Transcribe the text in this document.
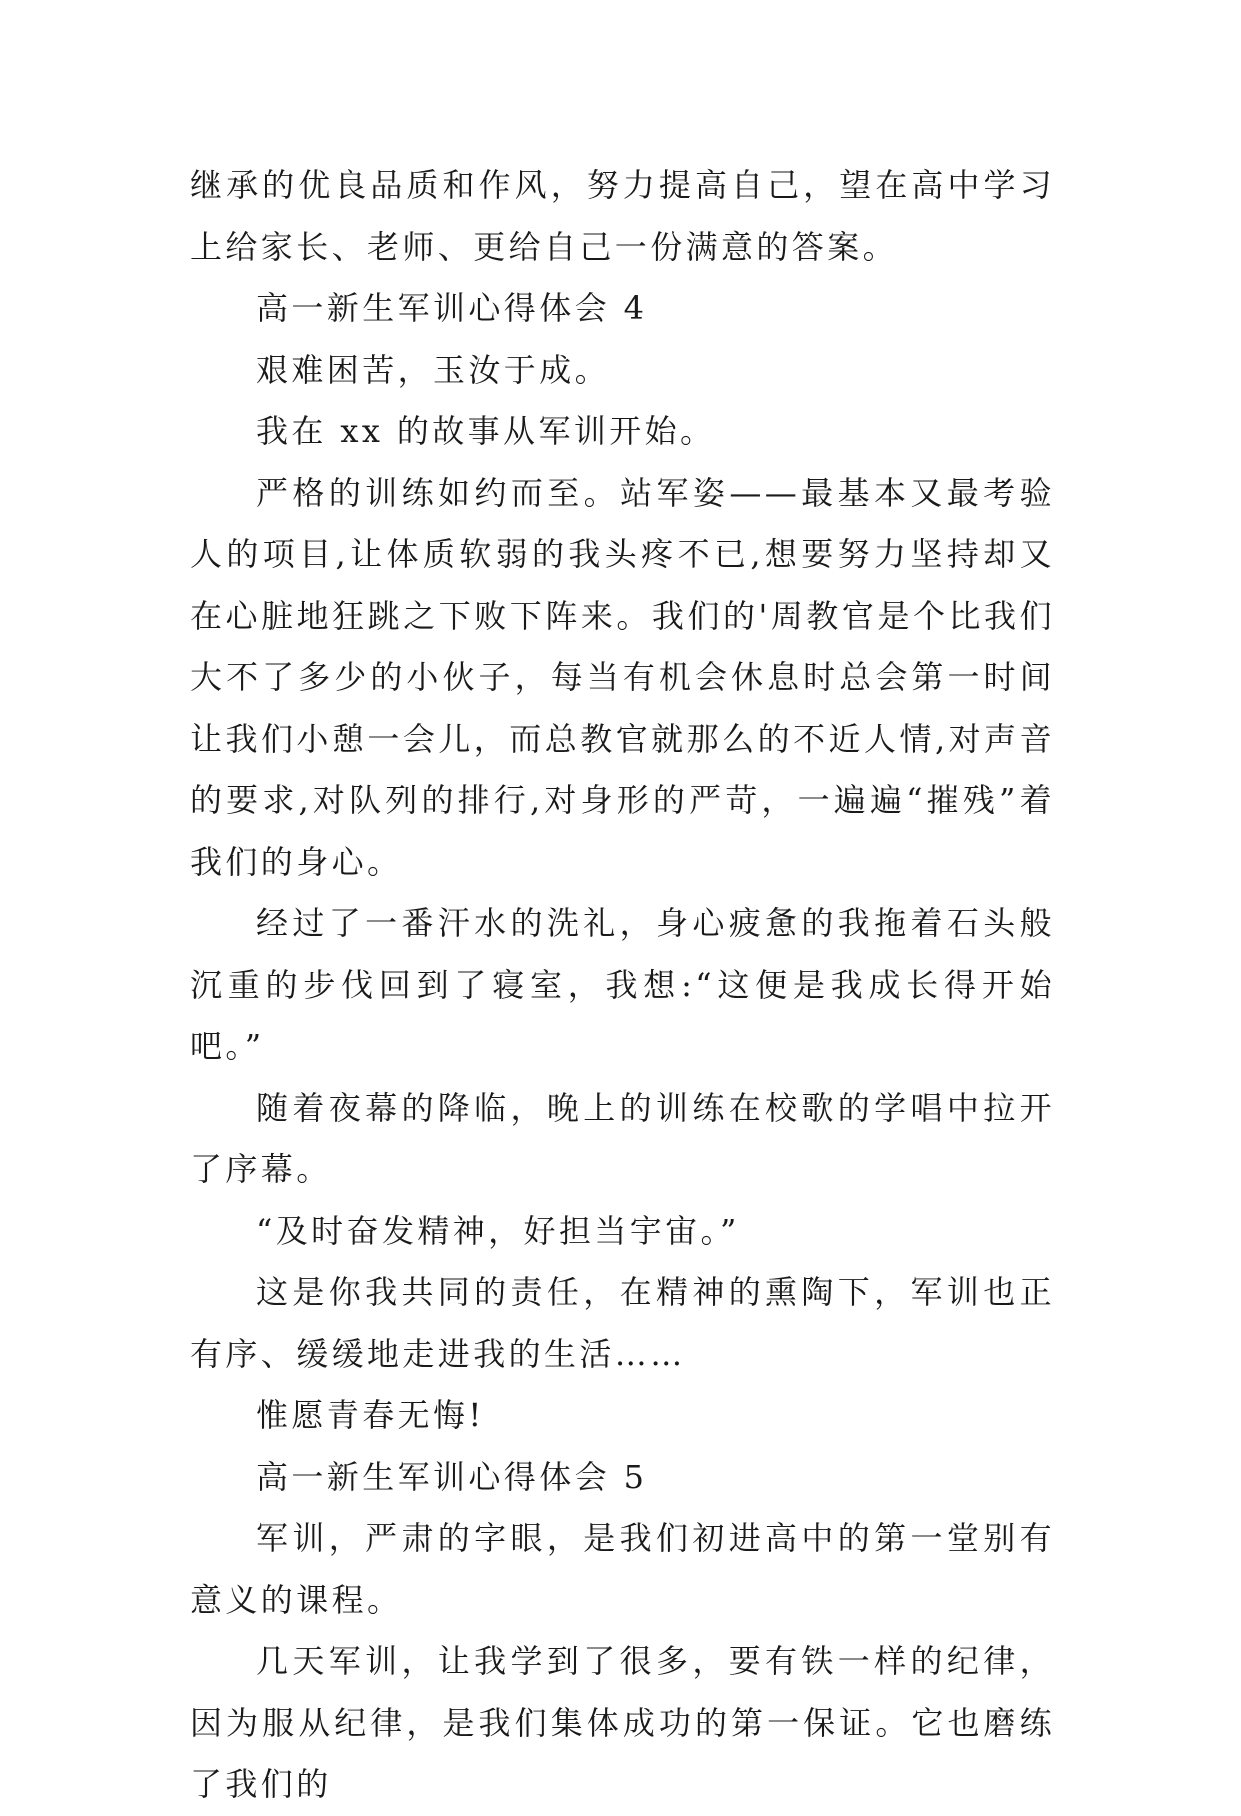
继承的优良品质和作风，努力提高自己，望在高中学习上给家长、老师、更给自己一份满意的答案。

高一新生军训心得体会 4

艰难困苦，玉汝于成。

我在 xx 的故事从军训开始。

严格的训练如约而至。站军姿——最基本又最考验人的项目,让体质软弱的我头疼不已,想要努力坚持却又在心脏地狂跳之下败下阵来。我们的'周教官是个比我们大不了多少的小伙子，每当有机会休息时总会第一时间让我们小憩一会儿，而总教官就那么的不近人情,对声音的要求,对队列的排行,对身形的严苛，一遍遍“摧残”着我们的身心。

经过了一番汗水的洗礼，身心疲惫的我拖着石头般沉重的步伐回到了寝室，我想:“这便是我成长得开始吧。”

随着夜幕的降临，晚上的训练在校歌的学唱中拉开了序幕。

“及时奋发精神，好担当宇宙。”

这是你我共同的责任，在精神的熏陶下，军训也正有序、缓缓地走进我的生活……

惟愿青春无悔!

高一新生军训心得体会 5

军训，严肃的字眼，是我们初进高中的第一堂别有意义的课程。

几天军训，让我学到了很多，要有铁一样的纪律，因为服从纪律，是我们集体成功的第一保证。它也磨练了我们的
